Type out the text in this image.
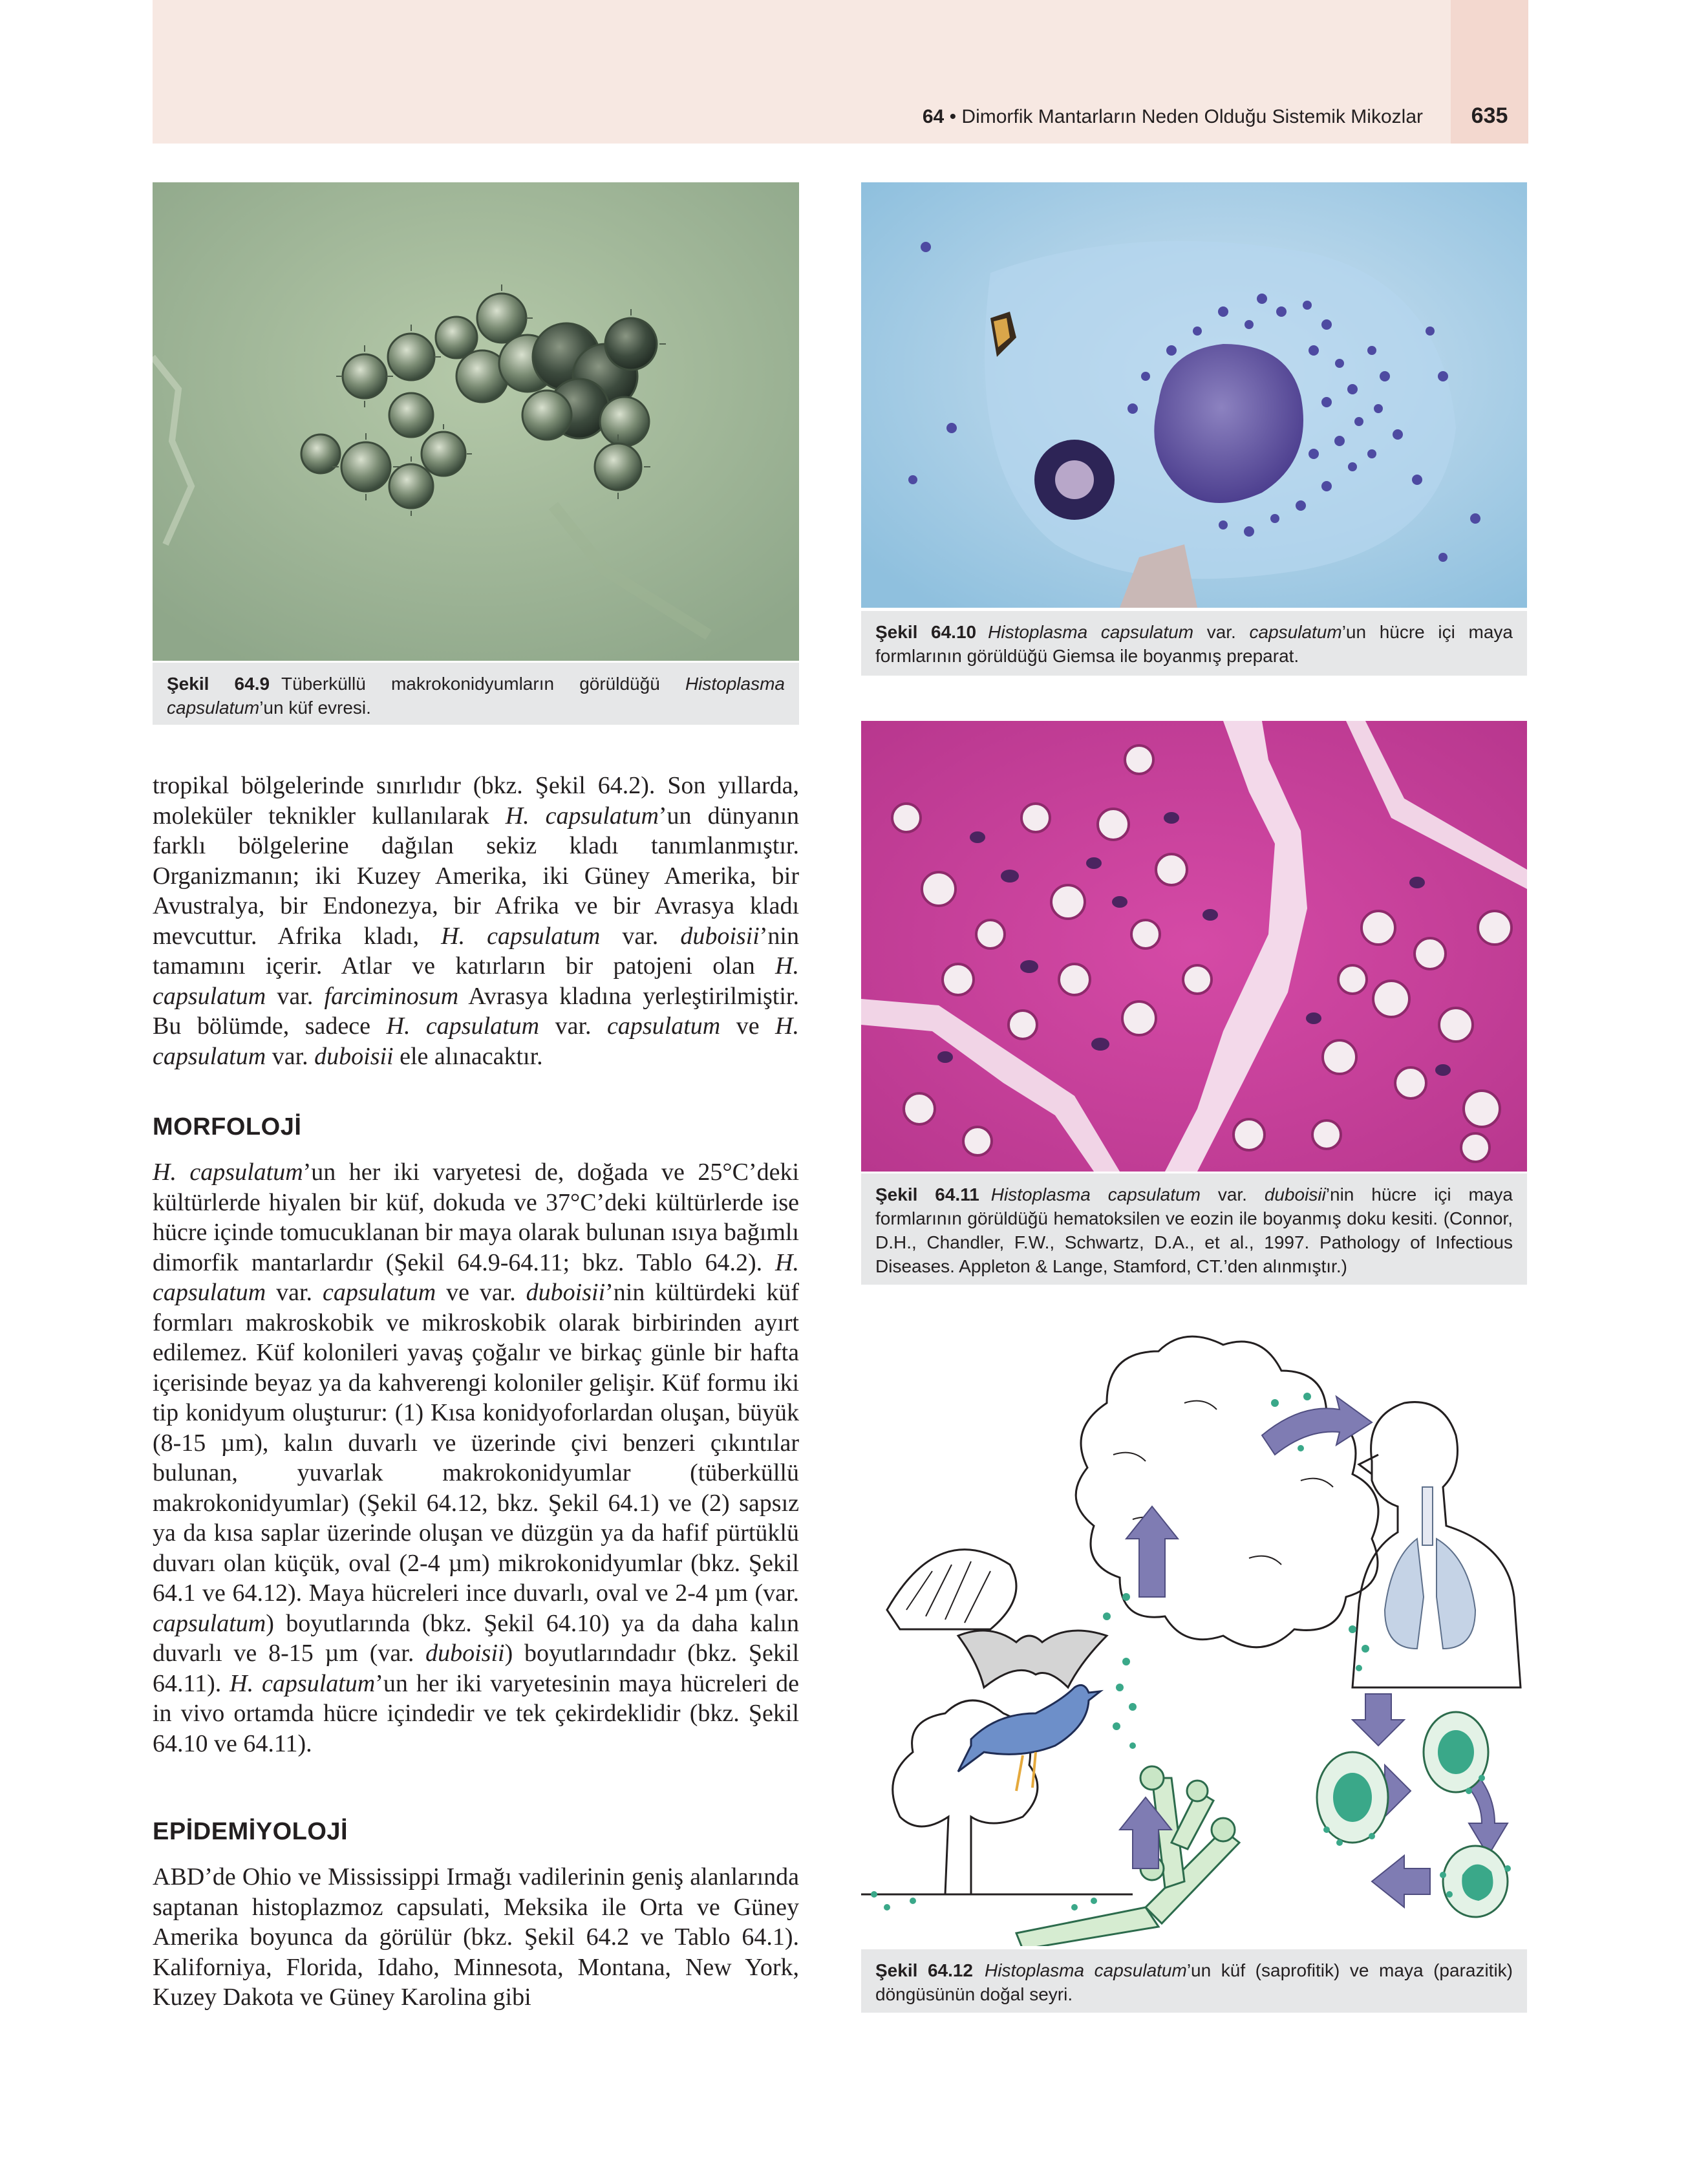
64 • Dimorfik Mantarların Neden Olduğu Sistemik Mikozlar	635
Şekil 64.9 Tüberküllü makrokonidyumların görüldüğü Histoplasma capsulatum’un küf evresi.
Şekil 64.10 Histoplasma capsulatum var. capsulatum’un hücre içi maya formlarının görüldüğü Giemsa ile boyanmış preparat.
Şekil 64.11 Histoplasma capsulatum var. duboisii’nin hücre içi maya formlarının görüldüğü hematoksilen ve eozin ile boyanmış doku kesiti. (Connor, D.H., Chandler, F.W., Schwartz, D.A., et al., 1997. Pathology of Infectious Diseases. Appleton & Lange, Stamford, CT.’den alınmıştır.)
Şekil 64.12 Histoplasma capsulatum’un küf (saprofitik) ve maya (parazitik) döngüsünün doğal seyri.

tropikal bölgelerinde sınırlıdır (bkz. Şekil 64.2). Son yıllarda, moleküler teknikler kullanılarak H. capsulatum’un dünyanın farklı bölgelerine dağılan sekiz kladı tanımlanmıştır. Organizmanın; iki Kuzey Amerika, iki Güney Amerika, bir Avustralya, bir Endonezya, bir Afrika ve bir Avrasya kladı mevcuttur. Afrika kladı, H. capsulatum var. duboisii’nin tamamını içerir. Atlar ve katırların bir patojeni olan H. capsulatum var. farciminosum Avrasya kladına yerleştirilmiştir. Bu bölümde, sadece H. capsulatum var. capsulatum ve H. capsulatum var. duboisii ele alınacaktır.

MORFOLOJİ

H. capsulatum’un her iki varyetesi de, doğada ve 25°C’deki kültürlerde hiyalen bir küf, dokuda ve 37°C’deki kültürlerde ise hücre içinde tomucuklanan bir maya olarak bulunan ısıya bağımlı dimorfik mantarlardır (Şekil 64.9-64.11; bkz. Tablo 64.2). H. capsulatum var. capsulatum ve var. duboisii’nin kültürdeki küf formları makroskobik ve mikroskobik olarak birbirinden ayırt edilemez. Küf kolonileri yavaş çoğalır ve birkaç günle bir hafta içerisinde beyaz ya da kahverengi koloniler gelişir. Küf formu iki tip konidyum oluşturur: (1) Kısa konidyoforlardan oluşan, büyük (8-15 µm), kalın duvarlı ve üzerinde çivi benzeri çıkıntılar bulunan, yuvarlak makrokonidyumlar (tüberküllü makrokonidyumlar) (Şekil 64.12, bkz. Şekil 64.1) ve (2) sapsız ya da kısa saplar üzerinde oluşan ve düzgün ya da hafif pürtüklü duvarı olan küçük, oval (2-4 µm) mikrokonidyumlar (bkz. Şekil 64.1 ve 64.12). Maya hücreleri ince duvarlı, oval ve 2-4 µm (var. capsulatum) boyutlarında (bkz. Şekil 64.10) ya da daha kalın duvarlı ve 8-15 µm (var. duboisii) boyutlarındadır (bkz. Şekil 64.11). H. capsulatum’un her iki varyetesinin maya hücreleri de in vivo ortamda hücre içindedir ve tek çekirdeklidir (bkz. Şekil 64.10 ve 64.11).

EPİDEMİYOLOJİ

ABD’de Ohio ve Mississippi Irmağı vadilerinin geniş alanlarında saptanan histoplazmoz capsulati, Meksika ile Orta ve Güney Amerika boyunca da görülür (bkz. Şekil 64.2 ve Tablo 64.1). Kaliforniya, Florida, Idaho, Minnesota, Montana, New York, Kuzey Dakota ve Güney Karolina gibi
